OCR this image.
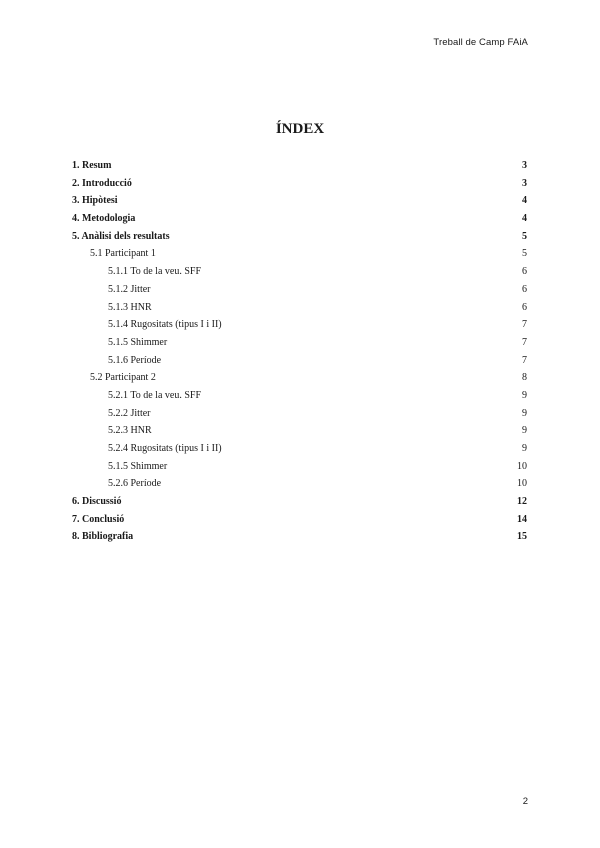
Treball de Camp FAiA
ÍNDEX
1. Resum	3
2. Introducció	3
3. Hipòtesi	4
4. Metodologia	4
5. Anàlisi dels resultats	5
5.1 Participant 1	5
5.1.1 To de la veu. SFF	6
5.1.2 Jitter	6
5.1.3 HNR	6
5.1.4 Rugositats (tipus I i II)	7
5.1.5 Shimmer	7
5.1.6 Període	7
5.2 Participant 2	8
5.2.1 To de la veu. SFF	9
5.2.2 Jitter	9
5.2.3 HNR	9
5.2.4 Rugositats (tipus I i II)	9
5.1.5 Shimmer	10
5.2.6 Període	10
6. Discussió	12
7. Conclusió	14
8. Bibliografia	15
2
